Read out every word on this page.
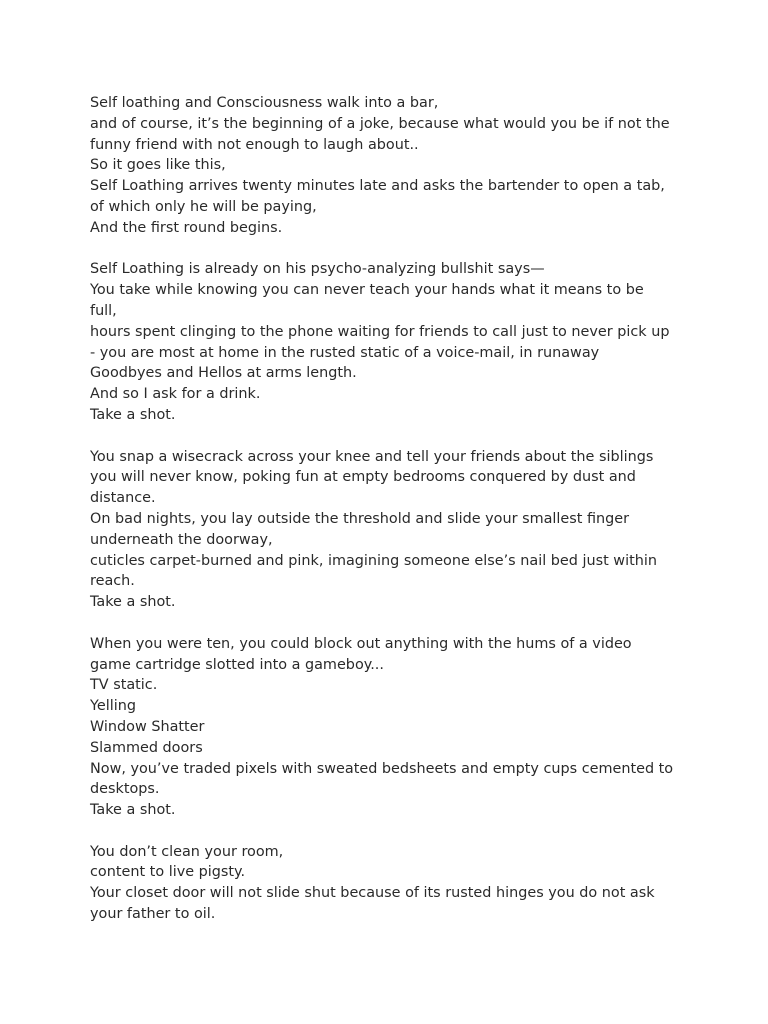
Self loathing and Consciousness walk into a bar,
and of course, it’s the beginning of a joke, because what would you be if not the
funny friend with not enough to laugh about..
So it goes like this,
Self Loathing arrives twenty minutes late and asks the bartender to open a tab,
of which only he will be paying,
And the first round begins.
Self Loathing is already on his psycho-analyzing bullshit says—
You take while knowing you can never teach your hands what it means to be
full,
hours spent clinging to the phone waiting for friends to call just to never pick up
- you are most at home in the rusted static of a voice-mail, in runaway
Goodbyes and Hellos at arms length.
And so I ask for a drink.
Take a shot.
You snap a wisecrack across your knee and tell your friends about the siblings
you will never know, poking fun at empty bedrooms conquered by dust and
distance.
On bad nights, you lay outside the threshold and slide your smallest finger
underneath the doorway,
cuticles carpet-burned and pink, imagining someone else’s nail bed just within
reach.
Take a shot.
When you were ten, you could block out anything with the hums of a video
game cartridge slotted into a gameboy...
TV static.
Yelling
Window Shatter
Slammed doors
Now, you’ve traded pixels with sweated bedsheets and empty cups cemented to
desktops.
Take a shot.
You don’t clean your room,
content to live pigsty.
Your closet door will not slide shut because of its rusted hinges you do not ask
your father to oil.
